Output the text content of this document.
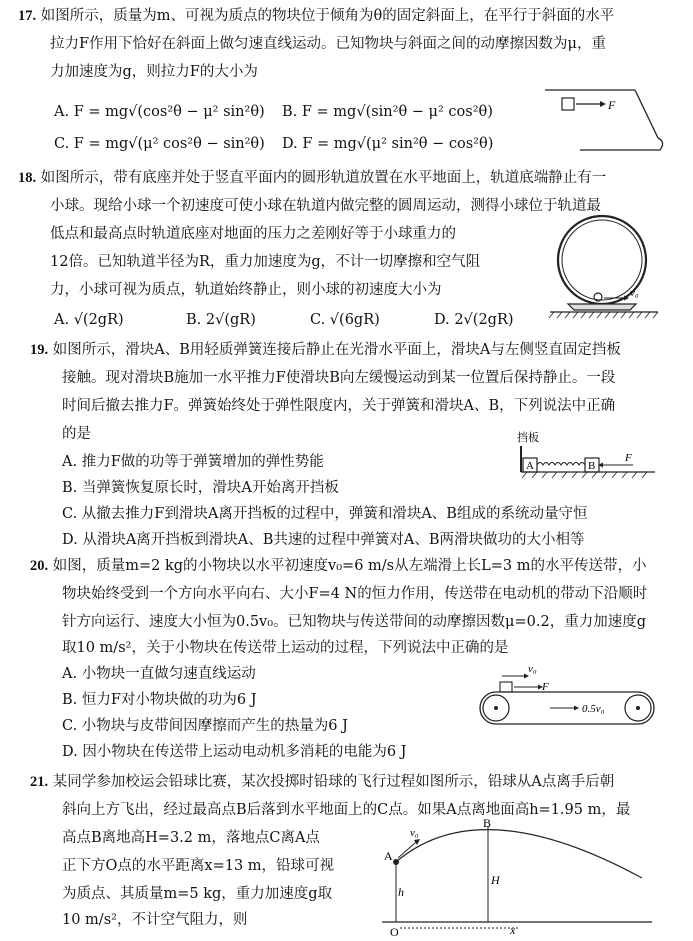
17. 如图所示，质量为m、可视为质点的物块位于倾角为θ的固定斜面上，在平行于斜面的水平
拉力F作用下恰好在斜面上做匀速直线运动。已知物块与斜面之间的动摩擦因数为μ，重
力加速度为g，则拉力F的大小为
A. F = mg√(cos²θ − μ² sin²θ) B. F = mg√(sin²θ − μ² cos²θ)
C. F = mg√(μ² cos²θ − sin²θ) D. F = mg√(μ² sin²θ − cos²θ)
F
18. 如图所示，带有底座并处于竖直平面内的圆形轨道放置在水平地面上，轨道底端静止有一
小球。现给小球一个初速度可使小球在轨道内做完整的圆周运动，测得小球位于轨道最
低点和最高点时轨道底座对地面的压力之差刚好等于小球重力的
12倍。已知轨道半径为R，重力加速度为g，不计一切摩擦和空气阻
力，小球可视为质点，轨道始终静止，则小球的初速度大小为
A. √(2gR)	B. 2√(gR)	C. √(6gR)	D. 2√(2gR)
v₀
19. 如图所示，滑块A、B用轻质弹簧连接后静止在光滑水平面上，滑块A与左侧竖直固定挡板
接触。现对滑块B施加一水平推力F使滑块B向左缓慢运动到某一位置后保持静止。一段
时间后撤去推力F。弹簧始终处于弹性限度内，关于弹簧和滑块A、B，下列说法中正确
的是
A. 推力F做的功等于弹簧增加的弹性势能
B. 当弹簧恢复原长时，滑块A开始离开挡板
C. 从撤去推力F到滑块A离开挡板的过程中，弹簧和滑块A、B组成的系统动量守恒
D. 从滑块A离开挡板到滑块A、B共速的过程中弹簧对A、B两滑块做功的大小相等
挡板
A	B
F
20. 如图，质量m=2 kg的小物块以水平初速度v₀=6 m/s从左端滑上长L=3 m的水平传送带，小
物块始终受到一个方向水平向右、大小F=4 N的恒力作用，传送带在电动机的带动下沿顺时
针方向运行、速度大小恒为0.5v₀。已知物块与传送带间的动摩擦因数μ=0.2，重力加速度g
取10 m/s²，关于小物块在传送带上运动的过程，下列说法中正确的是
A. 小物块一直做匀速直线运动
B. 恒力F对小物块做的功为6 J
C. 小物块与皮带间因摩擦而产生的热量为6 J
D. 因小物块在传送带上运动电动机多消耗的电能为6 J
v₀
F
0.5v₀
21. 某同学参加校运会铅球比赛，某次投掷时铅球的飞行过程如图所示，铅球从A点离手后朝
斜向上方飞出，经过最高点B后落到水平地面上的C点。如果A点离地面高h=1.95 m，最
高点B离地高H=3.2 m，落地点C离A点
正下方O点的水平距离x=13 m，铅球可视
为质点、其质量m=5 kg，重力加速度g取
10 m/s²，不计空气阻力，则
v₀
A
B
O
h
H
x
